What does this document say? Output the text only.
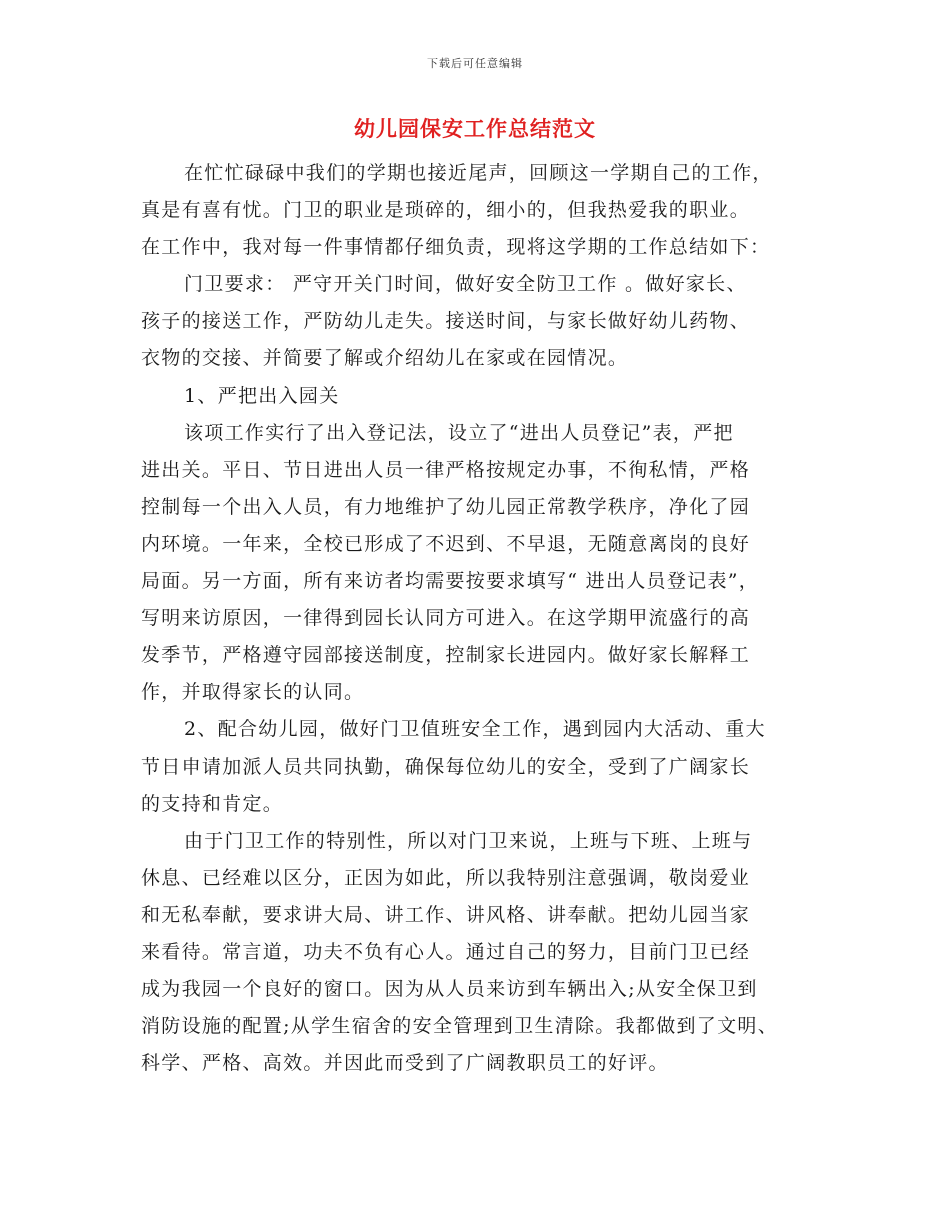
下载后可任意编辑
幼儿园保安工作总结范文
在忙忙碌碌中我们的学期也接近尾声，回顾这一学期自己的工作，
真是有喜有忧。门卫的职业是琐碎的，细小的，但我热爱我的职业。
在工作中，我对每一件事情都仔细负责，现将这学期的工作总结如下：
门卫要求： 严守开关门时间，做好安全防卫工作 。做好家长、
孩子的接送工作，严防幼儿走失。接送时间，与家长做好幼儿药物、
衣物的交接、并简要了解或介绍幼儿在家或在园情况。
1、严把出入园关
该项工作实行了出入登记法，设立了“进出人员登记”表，严把
进出关。平日、节日进出人员一律严格按规定办事，不徇私情，严格
控制每一个出入人员，有力地维护了幼儿园正常教学秩序，净化了园
内环境。一年来，全校已形成了不迟到、不早退，无随意离岗的良好
局面。另一方面，所有来访者均需要按要求填写“ 进出人员登记表”，
写明来访原因，一律得到园长认同方可进入。在这学期甲流盛行的高
发季节，严格遵守园部接送制度，控制家长进园内。做好家长解释工
作，并取得家长的认同。
2、配合幼儿园，做好门卫值班安全工作，遇到园内大活动、重大
节日申请加派人员共同执勤，确保每位幼儿的安全，受到了广阔家长
的支持和肯定。
由于门卫工作的特别性，所以对门卫来说，上班与下班、上班与
休息、已经难以区分，正因为如此，所以我特别注意强调，敬岗爱业
和无私奉献，要求讲大局、讲工作、讲风格、讲奉献。把幼儿园当家
来看待。常言道，功夫不负有心人。通过自己的努力，目前门卫已经
成为我园一个良好的窗口。因为从人员来访到车辆出入;从安全保卫到
消防设施的配置;从学生宿舍的安全管理到卫生清除。我都做到了文明、
科学、严格、高效。并因此而受到了广阔教职员工的好评。
